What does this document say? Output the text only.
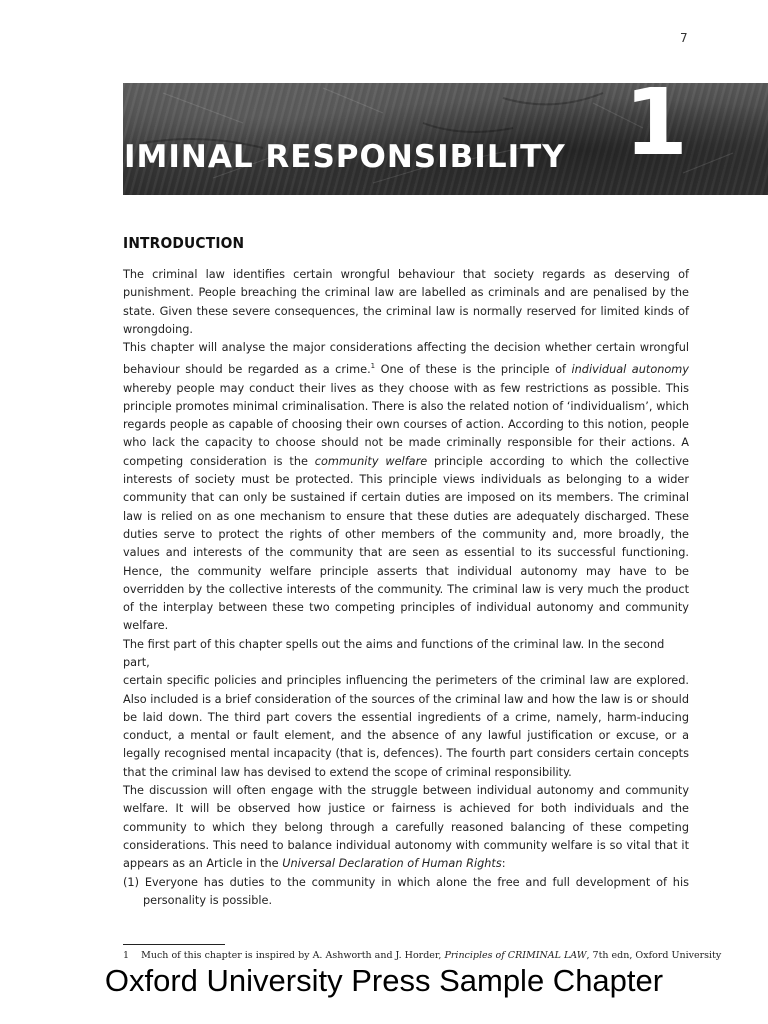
7
IMINAL RESPONSIBILITY 1
INTRODUCTION

The criminal law identifies certain wrongful behaviour that society regards as deserving of punishment. People breaching the criminal law are labelled as criminals and are penalised by the state. Given these severe consequences, the criminal law is normally reserved for limited kinds of wrongdoing.

This chapter will analyse the major considerations affecting the decision whether certain wrongful behaviour should be regarded as a crime.$^1$ One of these is the principle of individual autonomy whereby people may conduct their lives as they choose with as few restrictions as possible. This principle promotes minimal criminalisation. There is also the related notion of ‘individualism’, which regards people as capable of choosing their own courses of action. According to this notion, people who lack the capacity to choose should not be made criminally responsible for their actions. A competing consideration is the community welfare principle according to which the collective interests of society must be protected. This principle views individuals as belonging to a wider community that can only be sustained if certain duties are imposed on its members. The criminal law is relied on as one mechanism to ensure that these duties are adequately discharged. These duties serve to protect the rights of other members of the community and, more broadly, the values and interests of the community that are seen as essential to its successful functioning. Hence, the community welfare principle asserts that individual autonomy may have to be overridden by the collective interests of the community. The criminal law is very much the product of the interplay between these two competing principles of individual autonomy and community welfare.

The first part of this chapter spells out the aims and functions of the criminal law. In the second part,

certain specific policies and principles influencing the perimeters of the criminal law are explored. Also included is a brief consideration of the sources of the criminal law and how the law is or should be laid down. The third part covers the essential ingredients of a crime, namely, harm-inducing conduct, a mental or fault element, and the absence of any lawful justification or excuse, or a legally recognised mental incapacity (that is, defences). The fourth part considers certain concepts that the criminal law has devised to extend the scope of criminal responsibility.

The discussion will often engage with the struggle between individual autonomy and community welfare. It will be observed how justice or fairness is achieved for both individuals and the community to which they belong through a carefully reasoned balancing of these competing considerations. This need to balance individual autonomy with community welfare is so vital that it appears as an Article in the Universal Declaration of Human Rights:

(1) Everyone has duties to the community in which alone the free and full development of his personality is possible.

1 Much of this chapter is inspired by A. Ashworth and J. Horder, Principles of CRIMINAL LAW, 7th edn, Oxford University
Oxford University Press Sample Chapter
